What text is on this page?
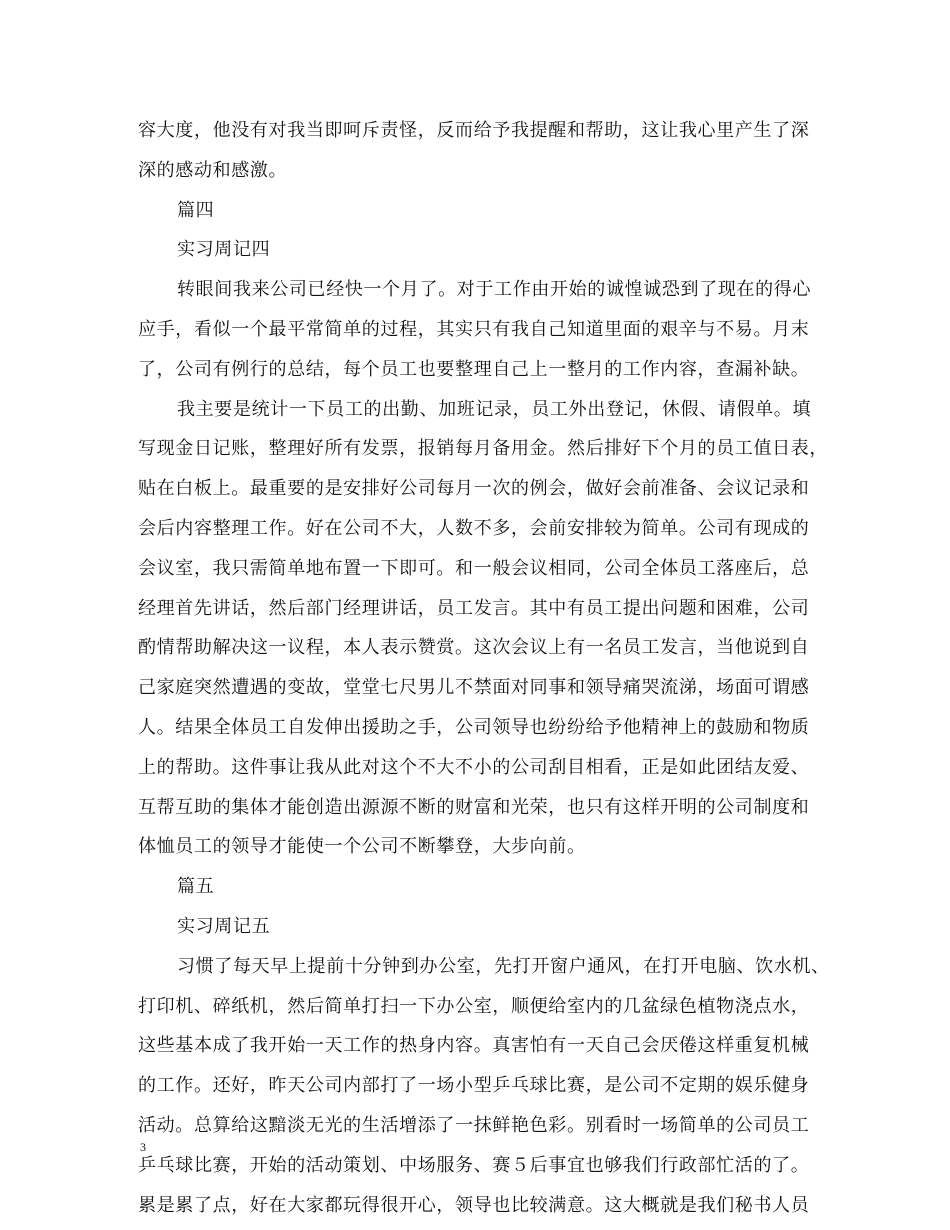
容大度，他没有对我当即呵斥责怪，反而给予我提醒和帮助，这让我心里产生了深
深的感动和感激。
篇四
实习周记四
转眼间我来公司已经快一个月了。对于工作由开始的诚惶诚恐到了现在的得心
应手，看似一个最平常简单的过程，其实只有我自己知道里面的艰辛与不易。月末
了，公司有例行的总结，每个员工也要整理自己上一整月的工作内容，查漏补缺。
我主要是统计一下员工的出勤、加班记录，员工外出登记，休假、请假单。填
写现金日记账，整理好所有发票，报销每月备用金。然后排好下个月的员工值日表，
贴在白板上。最重要的是安排好公司每月一次的例会，做好会前准备、会议记录和
会后内容整理工作。好在公司不大，人数不多，会前安排较为简单。公司有现成的
会议室，我只需简单地布置一下即可。和一般会议相同，公司全体员工落座后，总
经理首先讲话，然后部门经理讲话，员工发言。其中有员工提出问题和困难，公司
酌情帮助解决这一议程，本人表示赞赏。这次会议上有一名员工发言，当他说到自
己家庭突然遭遇的变故，堂堂七尺男儿不禁面对同事和领导痛哭流涕，场面可谓感
人。结果全体员工自发伸出援助之手，公司领导也纷纷给予他精神上的鼓励和物质
上的帮助。这件事让我从此对这个不大不小的公司刮目相看，正是如此团结友爱、
互帮互助的集体才能创造出源源不断的财富和光荣，也只有这样开明的公司制度和
体恤员工的领导才能使一个公司不断攀登，大步向前。
篇五
实习周记五
习惯了每天早上提前十分钟到办公室，先打开窗户通风，在打开电脑、饮水机、
打印机、碎纸机，然后简单打扫一下办公室，顺便给室内的几盆绿色植物浇点水，
这些基本成了我开始一天工作的热身内容。真害怕有一天自己会厌倦这样重复机械
的工作。还好，昨天公司内部打了一场小型乒乓球比赛，是公司不定期的娱乐健身
活动。总算给这黯淡无光的生活增添了一抹鲜艳色彩。别看时一场简单的公司员工
乒乓球比赛，开始的活动策划、中场服务、赛５后事宜也够我们行政部忙活的了。
累是累了点，好在大家都玩得很开心，领导也比较满意。这大概就是我们秘书人员
3
